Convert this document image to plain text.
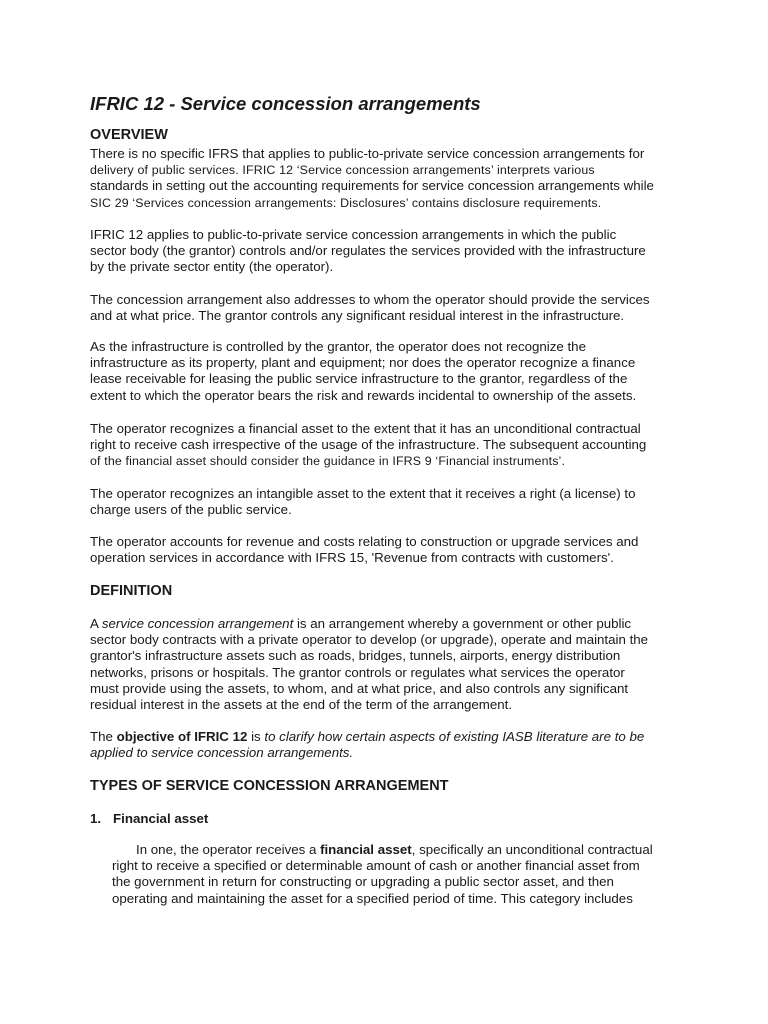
IFRIC 12 - Service concession arrangements
OVERVIEW

There is no specific IFRS that applies to public-to-private service concession arrangements for
delivery of public services. IFRIC 12 ‘Service concession arrangements’ interprets various
standards in setting out the accounting requirements for service concession arrangements while
SIC 29 ‘Services concession arrangements: Disclosures’ contains disclosure requirements.

IFRIC 12 applies to public-to-private service concession arrangements in which the public
sector body (the grantor) controls and/or regulates the services provided with the infrastructure
by the private sector entity (the operator).

The concession arrangement also addresses to whom the operator should provide the services
and at what price. The grantor controls any significant residual interest in the infrastructure.

As the infrastructure is controlled by the grantor, the operator does not recognize the
infrastructure as its property, plant and equipment; nor does the operator recognize a finance
lease receivable for leasing the public service infrastructure to the grantor, regardless of the
extent to which the operator bears the risk and rewards incidental to ownership of the assets.

The operator recognizes a financial asset to the extent that it has an unconditional contractual
right to receive cash irrespective of the usage of the infrastructure. The subsequent accounting
of the financial asset should consider the guidance in IFRS 9 ‘Financial instruments’.

The operator recognizes an intangible asset to the extent that it receives a right (a license) to
charge users of the public service.

The operator accounts for revenue and costs relating to construction or upgrade services and
operation services in accordance with IFRS 15, 'Revenue from contracts with customers'.

DEFINITION

A service concession arrangement is an arrangement whereby a government or other public
sector body contracts with a private operator to develop (or upgrade), operate and maintain the
grantor's infrastructure assets such as roads, bridges, tunnels, airports, energy distribution
networks, prisons or hospitals. The grantor controls or regulates what services the operator
must provide using the assets, to whom, and at what price, and also controls any significant
residual interest in the assets at the end of the term of the arrangement.

The objective of IFRIC 12 is to clarify how certain aspects of existing IASB literature are to be
applied to service concession arrangements.

TYPES OF SERVICE CONCESSION ARRANGEMENT
1. Financial asset

In one, the operator receives a financial asset, specifically an unconditional contractual
right to receive a specified or determinable amount of cash or another financial asset from
the government in return for constructing or upgrading a public sector asset, and then
operating and maintaining the asset for a specified period of time. This category includes
